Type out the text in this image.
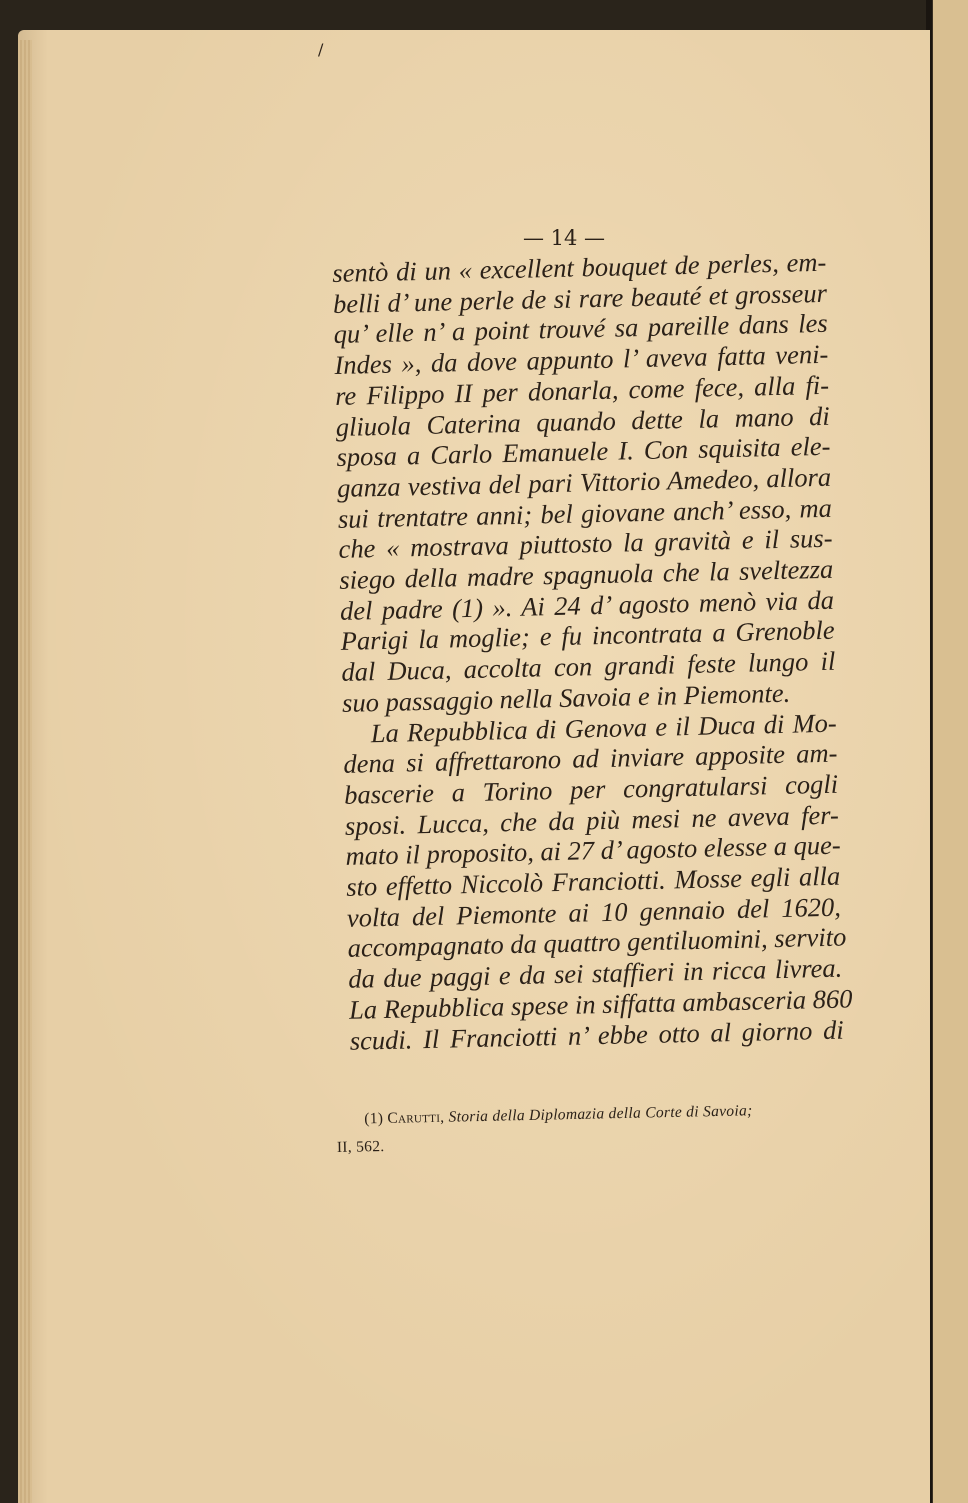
/
— 14 —
sentò di un « excellent bouquet de perles, em-
belli d’ une perle de si rare beauté et grosseur
qu’ elle n’ a point trouvé sa pareille dans les
Indes », da dove appunto l’ aveva fatta veni-
re Filippo II per donarla, come fece, alla fi-
gliuola Caterina quando dette la mano di
sposa a Carlo Emanuele I. Con squisita ele-
ganza vestiva del pari Vittorio Amedeo, allora
sui trentatre anni; bel giovane anch’ esso, ma
che « mostrava piuttosto la gravità e il sus-
siego della madre spagnuola che la sveltezza
del padre (1) ». Ai 24 d’ agosto menò via da
Parigi la moglie; e fu incontrata a Grenoble
dal Duca, accolta con grandi feste lungo il
suo passaggio nella Savoia e in Piemonte.
La Repubblica di Genova e il Duca di Mo-
dena si affrettarono ad inviare apposite am-
bascerie a Torino per congratularsi cogli
sposi. Lucca, che da più mesi ne aveva fer-
mato il proposito, ai 27 d’ agosto elesse a que-
sto effetto Niccolò Franciotti. Mosse egli alla
volta del Piemonte ai 10 gennaio del 1620,
accompagnato da quattro gentiluomini, servito
da due paggi e da sei staffieri in ricca livrea.
La Repubblica spese in siffatta ambasceria 860
scudi. Il Franciotti n’ ebbe otto al giorno di
(1) Carutti, Storia della Diplomazia della Corte di Savoia;
II, 562.
